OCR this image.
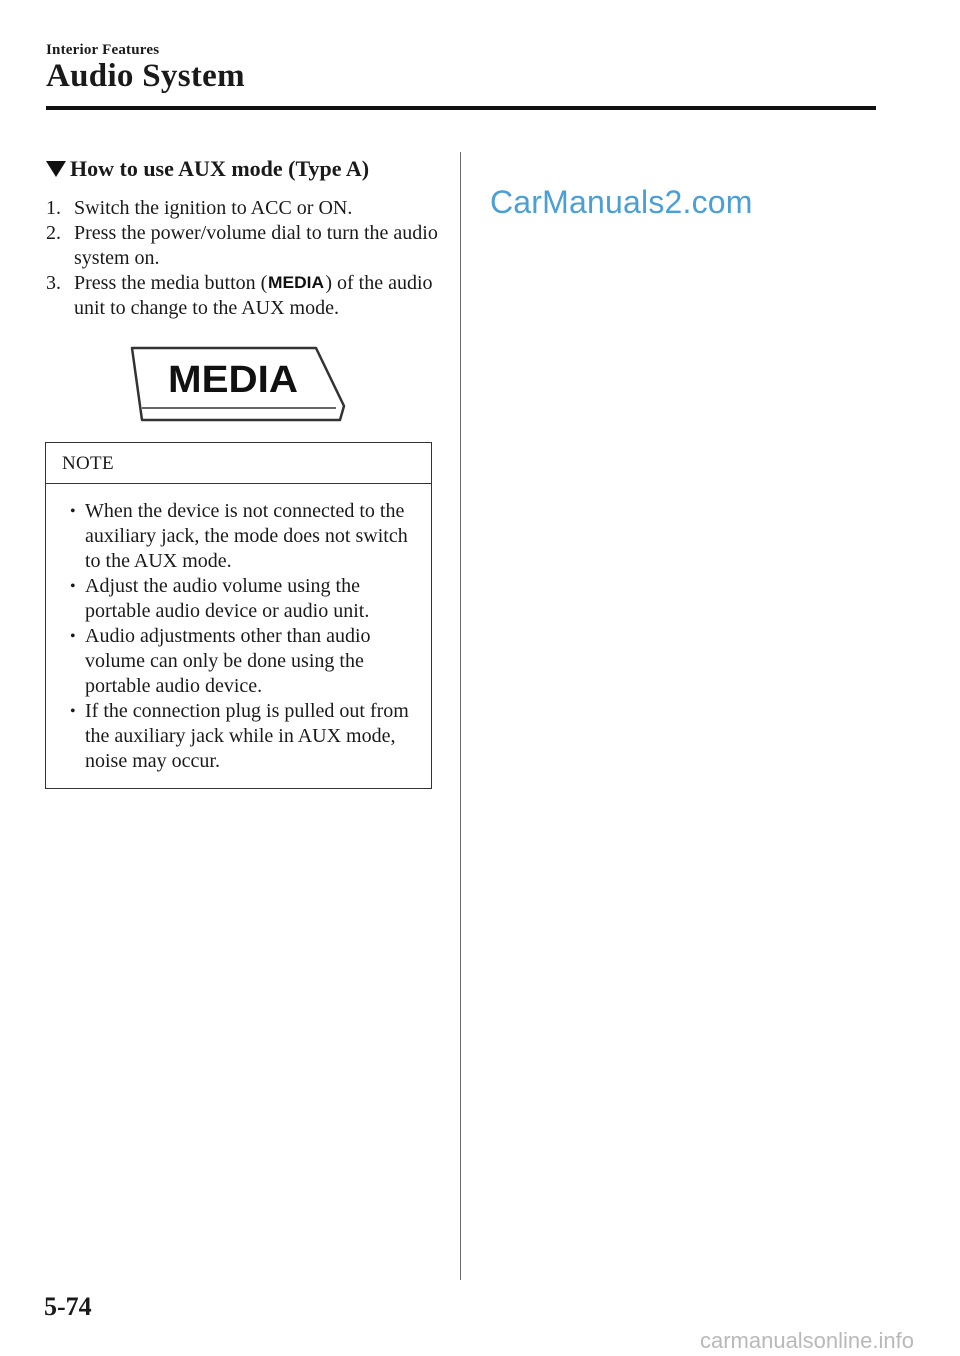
Interior Features
Audio System
How to use AUX mode (Type A)
1. Switch the ignition to ACC or ON.
2. Press the power/volume dial to turn the audio system on.
3. Press the media button ( MEDIA ) of the audio unit to change to the AUX mode.
MEDIA
NOTE
• When the device is not connected to the auxiliary jack, the mode does not switch to the AUX mode.
• Adjust the audio volume using the portable audio device or audio unit.
• Audio adjustments other than audio volume can only be done using the portable audio device.
• If the connection plug is pulled out from the auxiliary jack while in AUX mode, noise may occur.
CarManuals2.com
5-74
carmanualsonline.info
